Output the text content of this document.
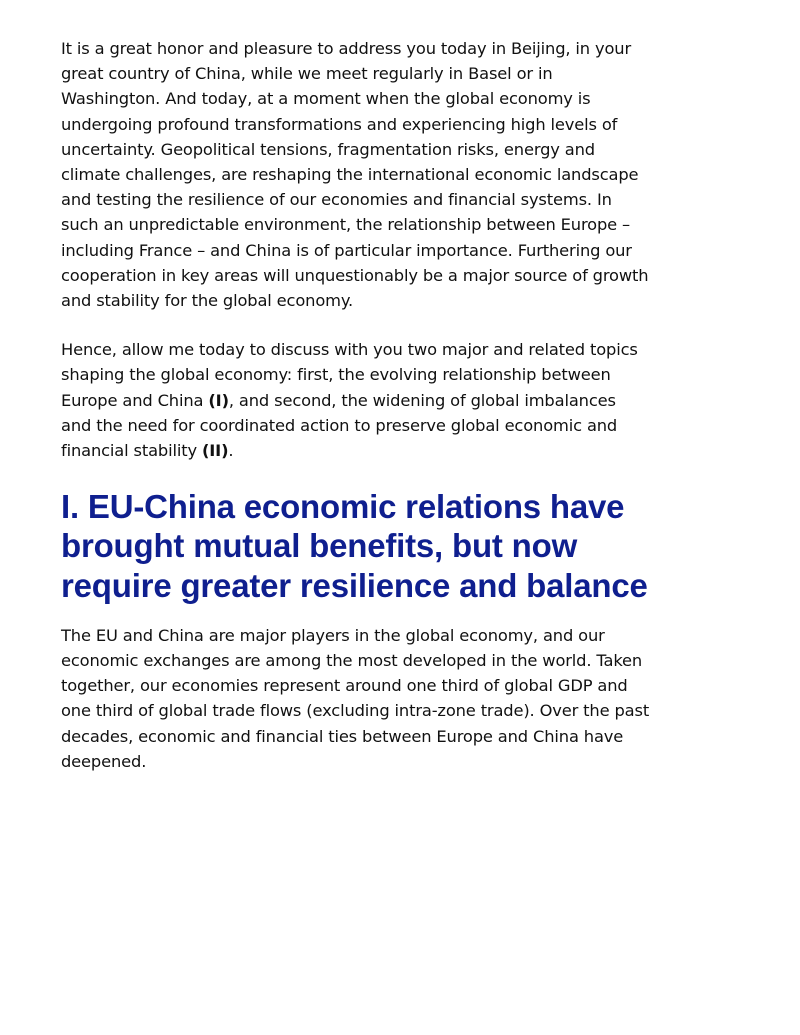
It is a great honor and pleasure to address you today in Beijing, in your great country of China, while we meet regularly in Basel or in Washington. And today, at a moment when the global economy is undergoing profound transformations and experiencing high levels of uncertainty. Geopolitical tensions, fragmentation risks, energy and climate challenges, are reshaping the international economic landscape and testing the resilience of our economies and financial systems. In such an unpredictable environment, the relationship between Europe – including France – and China is of particular importance. Furthering our cooperation in key areas will unquestionably be a major source of growth and stability for the global economy.

Hence, allow me today to discuss with you two major and related topics shaping the global economy: first, the evolving relationship between Europe and China (I), and second, the widening of global imbalances and the need for coordinated action to preserve global economic and financial stability (II).

I. EU-China economic relations have brought mutual benefits, but now require greater resilience and balance

The EU and China are major players in the global economy, and our economic exchanges are among the most developed in the world. Taken together, our economies represent around one third of global GDP and one third of global trade flows (excluding intra-zone trade). Over the past decades, economic and financial ties between Europe and China have deepened.
